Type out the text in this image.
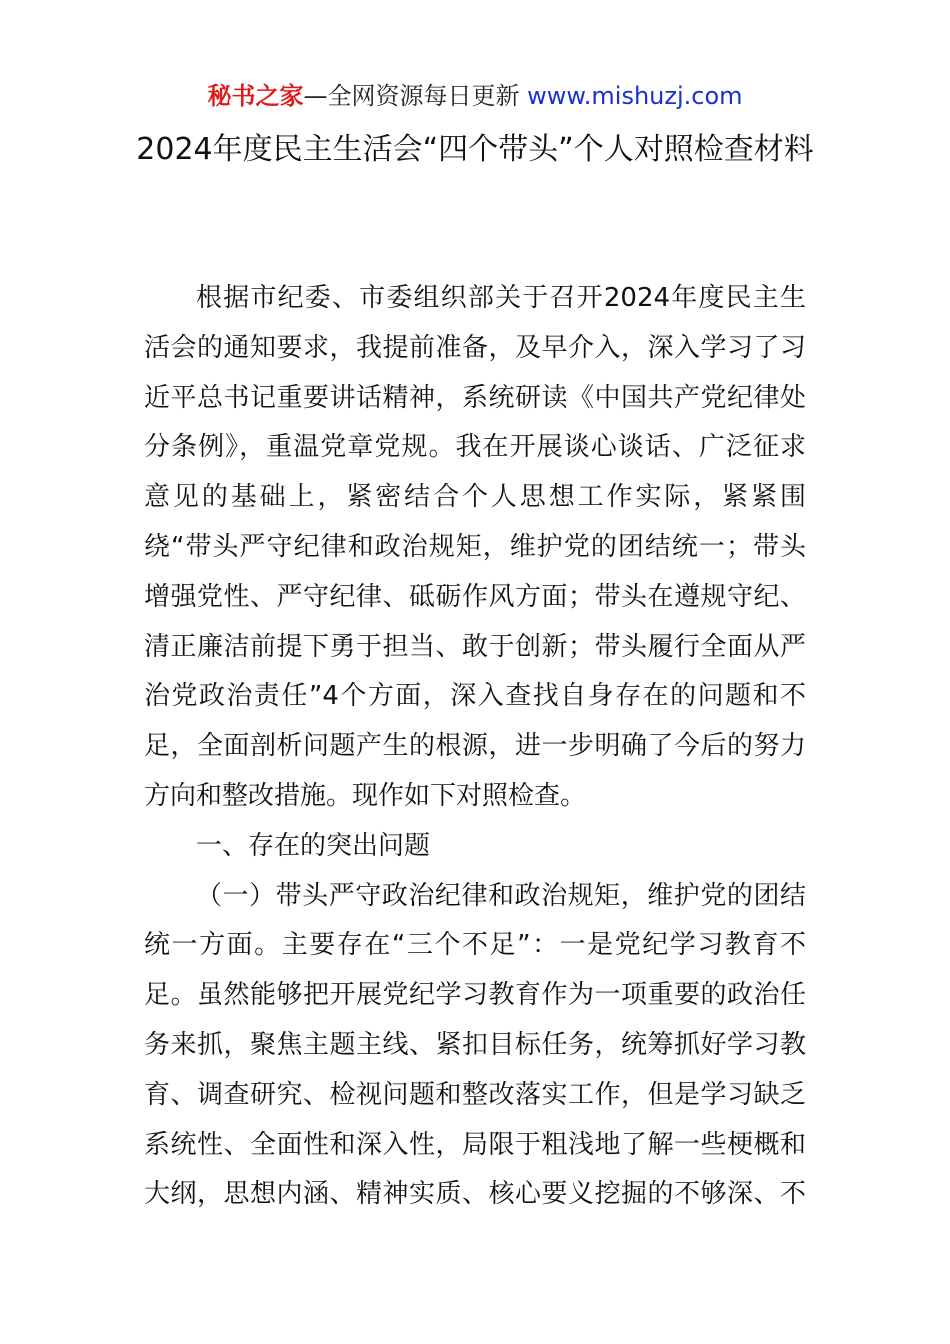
秘书之家—全网资源每日更新 www.mishuzj.com
2024年度民主生活会“四个带头”个人对照检查材料

根据市纪委、市委组织部关于召开2024年度民主生活会的通知要求，我提前准备，及早介入，深入学习了习近平总书记重要讲话精神，系统研读《中国共产党纪律处分条例》，重温党章党规。我在开展谈心谈话、广泛征求意见的基础上，紧密结合个人思想工作实际，紧紧围绕“带头严守纪律和政治规矩，维护党的团结统一；带头增强党性、严守纪律、砥砺作风方面；带头在遵规守纪、清正廉洁前提下勇于担当、敢于创新；带头履行全面从严治党政治责任”4个方面，深入查找自身存在的问题和不足，全面剖析问题产生的根源，进一步明确了今后的努力方向和整改措施。现作如下对照检查。

一、存在的突出问题

（一）带头严守政治纪律和政治规矩，维护党的团结统一方面。主要存在“三个不足”：一是党纪学习教育不足。虽然能够把开展党纪学习教育作为一项重要的政治任务来抓，聚焦主题主线、紧扣目标任务，统筹抓好学习教育、调查研究、检视问题和整改落实工作，但是学习缺乏系统性、全面性和深入性，局限于粗浅地了解一些梗概和大纲，思想内涵、精神实质、核心要义挖掘的不够深、不
